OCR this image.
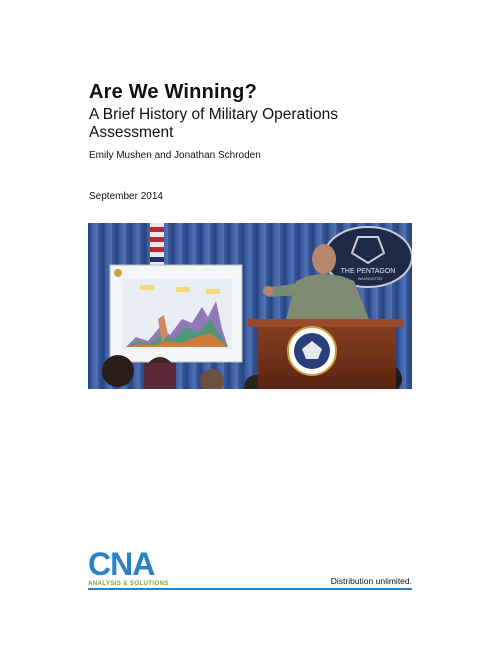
Are We Winning?
A Brief History of Military Operations Assessment

Emily Mushen and Jonathan Schroden

September 2014

THE PENTAGON
WASHINGTON
CNA
ANALYSIS & SOLUTIONS	Distribution unlimited.
